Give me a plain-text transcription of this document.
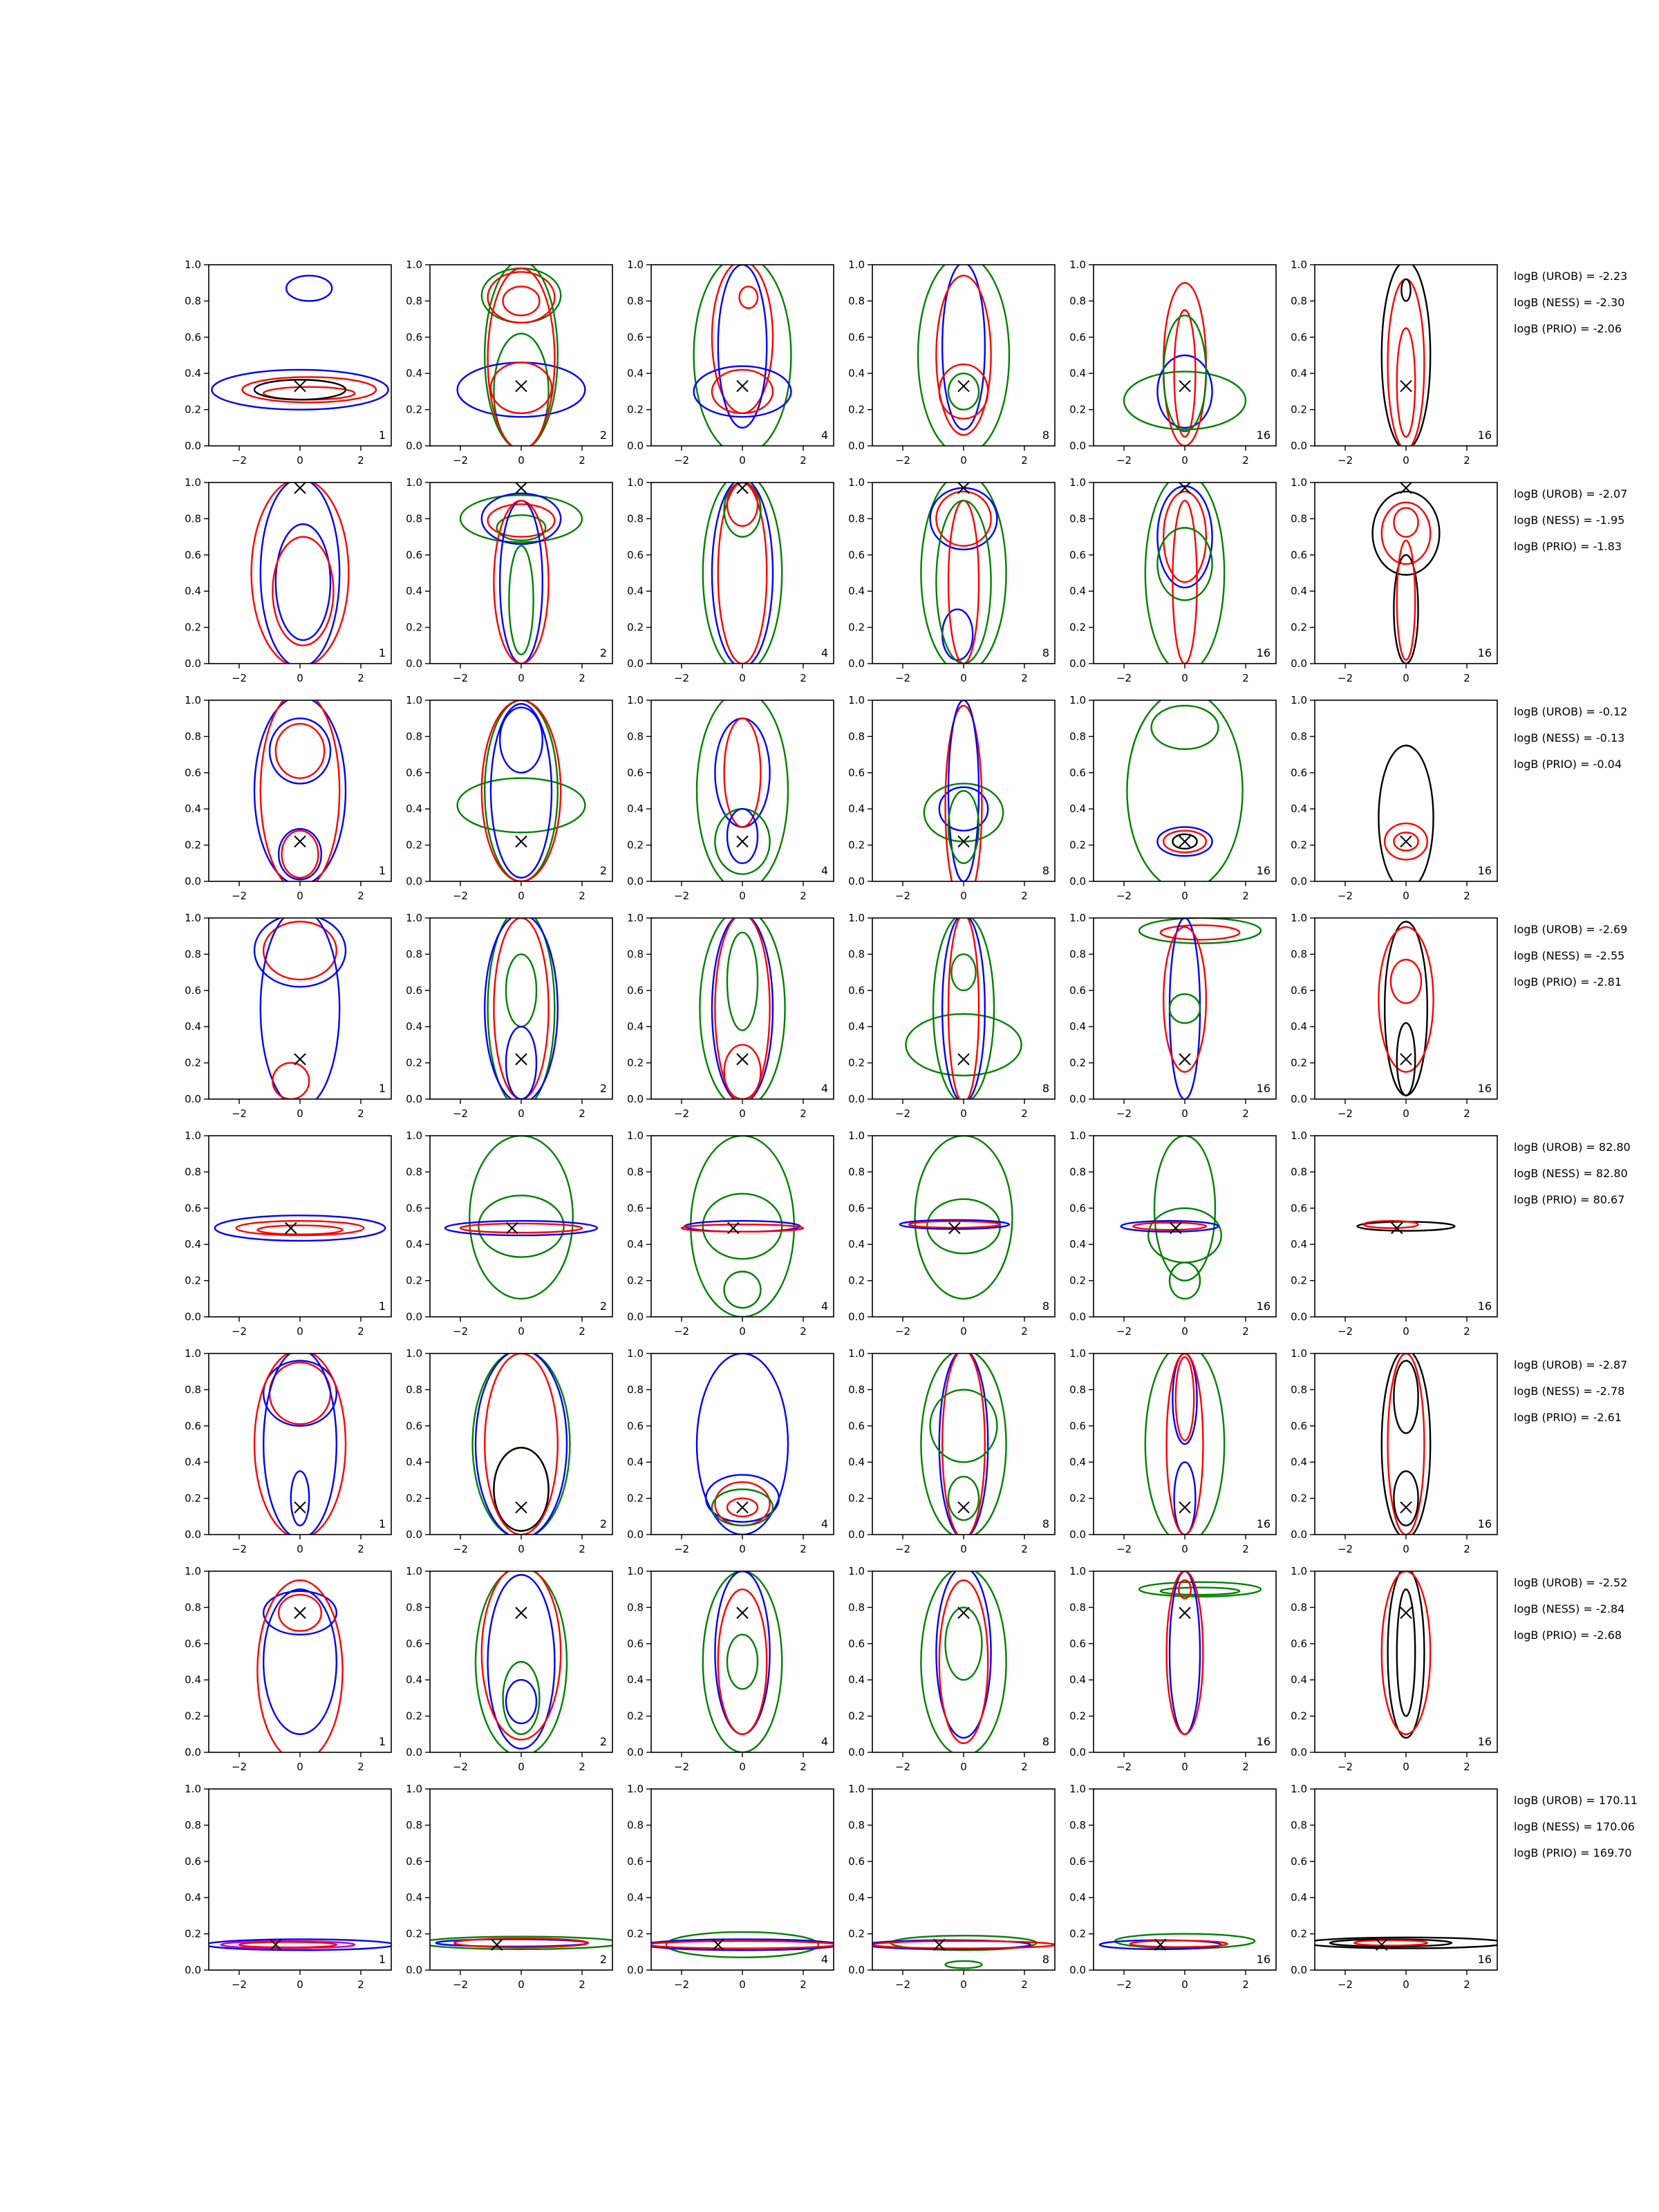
−2	0	2
0.0
0.2
0.4
0.6
0.8
1.0
1
−2	0	2
0.0
0.2
0.4
0.6
0.8
1.0
2
−2	0	2
0.0
0.2
0.4
0.6
0.8
1.0
4
−2	0	2
0.0
0.2
0.4
0.6
0.8
1.0
8
−2	0	2
0.0
0.2
0.4
0.6
0.8
1.0
16
−2	0	2
0.0
0.2
0.4
0.6
0.8
1.0
16
−2	0	2
0.0
0.2
0.4
0.6
0.8
1.0
1
−2	0	2
0.0
0.2
0.4
0.6
0.8
1.0
2
−2	0	2
0.0
0.2
0.4
0.6
0.8
1.0
4
−2	0	2
0.0
0.2
0.4
0.6
0.8
1.0
8
−2	0	2
0.0
0.2
0.4
0.6
0.8
1.0
16
−2	0	2
0.0
0.2
0.4
0.6
0.8
1.0
16
−2	0	2
0.0
0.2
0.4
0.6
0.8
1.0
1
−2	0	2
0.0
0.2
0.4
0.6
0.8
1.0
2
−2	0	2
0.0
0.2
0.4
0.6
0.8
1.0
4
−2	0	2
0.0
0.2
0.4
0.6
0.8
1.0
8
−2	0	2
0.0
0.2
0.4
0.6
0.8
1.0
16
−2	0	2
0.0
0.2
0.4
0.6
0.8
1.0
16
−2	0	2
0.0
0.2
0.4
0.6
0.8
1.0
1
−2	0	2
0.0
0.2
0.4
0.6
0.8
1.0
2
−2	0	2
0.0
0.2
0.4
0.6
0.8
1.0
4
−2	0	2
0.0
0.2
0.4
0.6
0.8
1.0
8
−2	0	2
0.0
0.2
0.4
0.6
0.8
1.0
16
−2	0	2
0.0
0.2
0.4
0.6
0.8
1.0
16
−2	0	2
0.0
0.2
0.4
0.6
0.8
1.0
1
−2	0	2
0.0
0.2
0.4
0.6
0.8
1.0
2
−2	0	2
0.0
0.2
0.4
0.6
0.8
1.0
4
−2	0	2
0.0
0.2
0.4
0.6
0.8
1.0
8
−2	0	2
0.0
0.2
0.4
0.6
0.8
1.0
16
−2	0	2
0.0
0.2
0.4
0.6
0.8
1.0
16
−2	0	2
0.0
0.2
0.4
0.6
0.8
1.0
1
−2	0	2
0.0
0.2
0.4
0.6
0.8
1.0
2
−2	0	2
0.0
0.2
0.4
0.6
0.8
1.0
4
−2	0	2
0.0
0.2
0.4
0.6
0.8
1.0
8
−2	0	2
0.0
0.2
0.4
0.6
0.8
1.0
16
−2	0	2
0.0
0.2
0.4
0.6
0.8
1.0
16
−2	0	2
0.0
0.2
0.4
0.6
0.8
1.0
1
−2	0	2
0.0
0.2
0.4
0.6
0.8
1.0
2
−2	0	2
0.0
0.2
0.4
0.6
0.8
1.0
4
−2	0	2
0.0
0.2
0.4
0.6
0.8
1.0
8
−2	0	2
0.0
0.2
0.4
0.6
0.8
1.0
16
−2	0	2
0.0
0.2
0.4
0.6
0.8
1.0
16
−2	0	2
0.0
0.2
0.4
0.6
0.8
1.0
1
−2	0	2
0.0
0.2
0.4
0.6
0.8
1.0
2
−2	0	2
0.0
0.2
0.4
0.6
0.8
1.0
4
−2	0	2
0.0
0.2
0.4
0.6
0.8
1.0
8
−2	0	2
0.0
0.2
0.4
0.6
0.8
1.0
16
−2	0	2
0.0
0.2
0.4
0.6
0.8
1.0
16
logB (UROB) = -2.23
logB (NESS) = -2.30
logB (PRIO) = -2.06
logB (UROB) = -2.07
logB (NESS) = -1.95
logB (PRIO) = -1.83
logB (UROB) = -0.12
logB (NESS) = -0.13
logB (PRIO) = -0.04
logB (UROB) = -2.69
logB (NESS) = -2.55
logB (PRIO) = -2.81
logB (UROB) = 82.80
logB (NESS) = 82.80
logB (PRIO) = 80.67
logB (UROB) = -2.87
logB (NESS) = -2.78
logB (PRIO) = -2.61
logB (UROB) = -2.52
logB (NESS) = -2.84
logB (PRIO) = -2.68
logB (UROB) = 170.11
logB (NESS) = 170.06
logB (PRIO) = 169.70
